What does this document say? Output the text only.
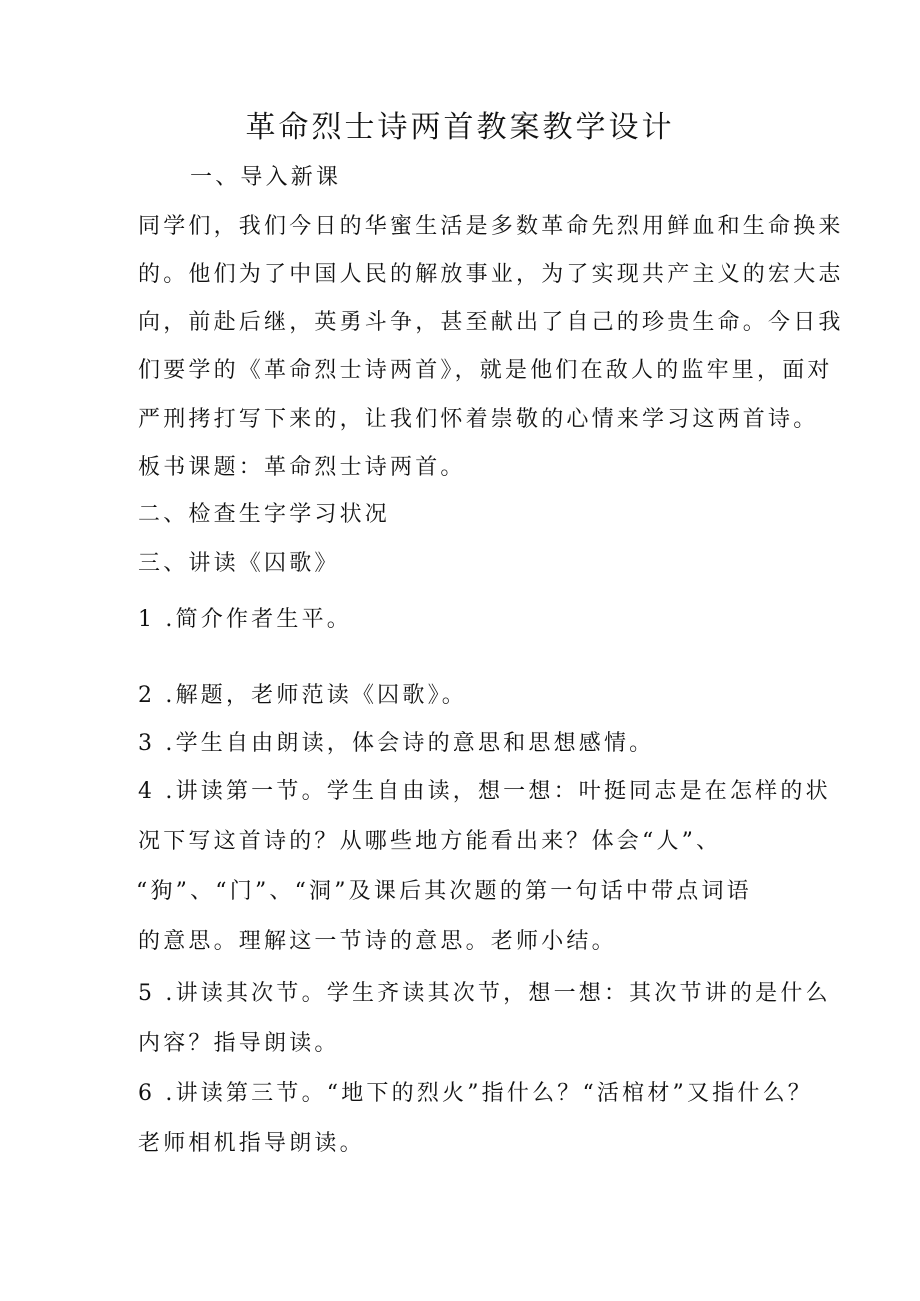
革命烈士诗两首教案教学设计
一、导入新课
同学们，我们今日的华蜜生活是多数革命先烈用鲜血和生命换来
的。他们为了中国人民的解放事业，为了实现共产主义的宏大志
向，前赴后继，英勇斗争，甚至献出了自己的珍贵生命。今日我
们要学的《革命烈士诗两首》，就是他们在敌人的监牢里，面对
严刑拷打写下来的，让我们怀着崇敬的心情来学习这两首诗。
板书课题：革命烈士诗两首。
二、检查生字学习状况
三、讲读《囚歌》
1 .简介作者生平。
2 .解题，老师范读《囚歌》。
3 .学生自由朗读，体会诗的意思和思想感情。
4 .讲读第一节。学生自由读，想一想：叶挺同志是在怎样的状
况下写这首诗的？从哪些地方能看出来？体会“人”、
“狗”、“门”、“洞”及课后其次题的第一句话中带点词语
的意思。理解这一节诗的意思。老师小结。
5 .讲读其次节。学生齐读其次节，想一想：其次节讲的是什么
内容？指导朗读。
6 .讲读第三节。“地下的烈火”指什么？“活棺材”又指什么？
老师相机指导朗读。
